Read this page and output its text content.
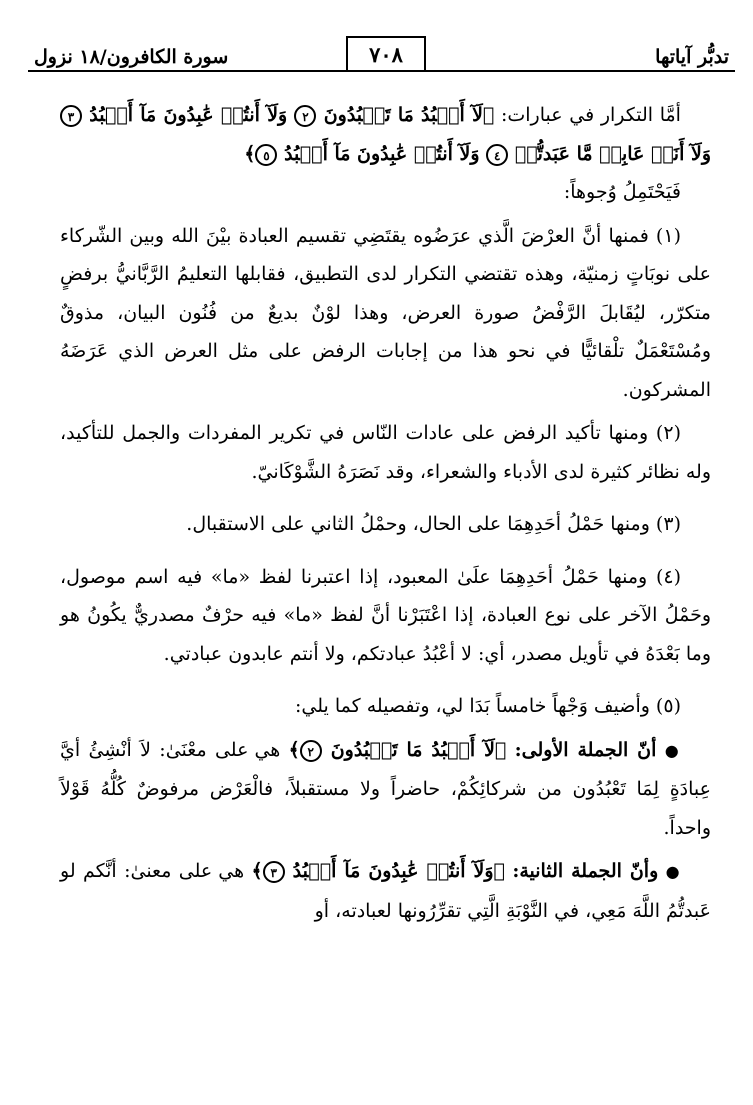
تدبُّر آياتها
٧٠٨
سورة الكافرون/١٨ نزول

أمَّا التكرار في عبارات: ﴿لَآ أَعۡبُدُ مَا تَعۡبُدُونَ ٢ وَلَآ أَنتُمۡ عَٰبِدُونَ مَآ أَعۡبُدُ ٣ وَلَآ أَنَا۠ عَابِدٞ مَّا عَبَدتُّمۡ ٤ وَلَآ أَنتُمۡ عَٰبِدُونَ مَآ أَعۡبُدُ ٥﴾

فَيَحْتَمِلُ وُجوهاً:

(١) فمنها أنَّ العرْضَ الَّذي عرَضُوه يقتَضِي تقسيم العبادة بيْنَ الله وبين الشّركاء على نوبَاتٍ زمنيّة، وهذه تقتضي التكرار لدى التطبيق، فقابلها التعليمُ الرَّبَّانيُّ برفضٍ متكرّر، ليُقَابلَ الرَّفْضُ صورة العرض، وهذا لوْنٌ بديعٌ من فُنُون البيان، مذوقٌ ومُسْتَعْمَلٌ تلْقائيًّا في نحو هذا من إجابات الرفض على مثل العرض الذي عَرَضَهُ المشركون.

(٢) ومنها تأكيد الرفض على عادات النّاس في تكرير المفردات والجمل للتأكيد، وله نظائر كثيرة لدى الأدباء والشعراء، وقد نَصَرَهُ الشَّوْكَانيّ.

(٣) ومنها حَمْلُ أحَدِهِمَا على الحال، وحمْلُ الثاني على الاستقبال.

(٤) ومنها حَمْلُ أحَدِهِمَا علَىٰ المعبود، إذا اعتبرنا لفظ «ما» فيه اسم موصول، وحَمْلُ الآخر على نوع العبادة، إذا اعْتَبَرْنا أنَّ لفظ «ما» فيه حرْفٌ مصدريٌّ يكُونُ هو وما بَعْدَهُ في تأويل مصدر، أي: لا أعْبُدُ عبادتكم، ولا أنتم عابدون عبادتي.

(٥) وأضيف وَجْهاً خامساً بَدَا لي، وتفصيله كما يلي:

● أنّ الجملة الأولى: ﴿لَآ أَعۡبُدُ مَا تَعۡبُدُونَ ٢﴾ هي على معْنَىٰ: لاَ أنْشِئُ أيَّ عِبادَةٍ لِمَا تَعْبُدُون من شركائِكُمْ، حاضراً ولا مستقبلاً، فالْعَرْض مرفوضٌ كُلُّهُ قَوْلاً واحداً.

● وأنّ الجملة الثانية: ﴿وَلَآ أَنتُمۡ عَٰبِدُونَ مَآ أَعۡبُدُ ٣﴾ هي على معنىٰ: أنَّكم لو عَبدتُّمُ اللَّهَ مَعِي، في النَّوْبَةِ الَّتِي تقرِّرُونها لعبادته، أو
